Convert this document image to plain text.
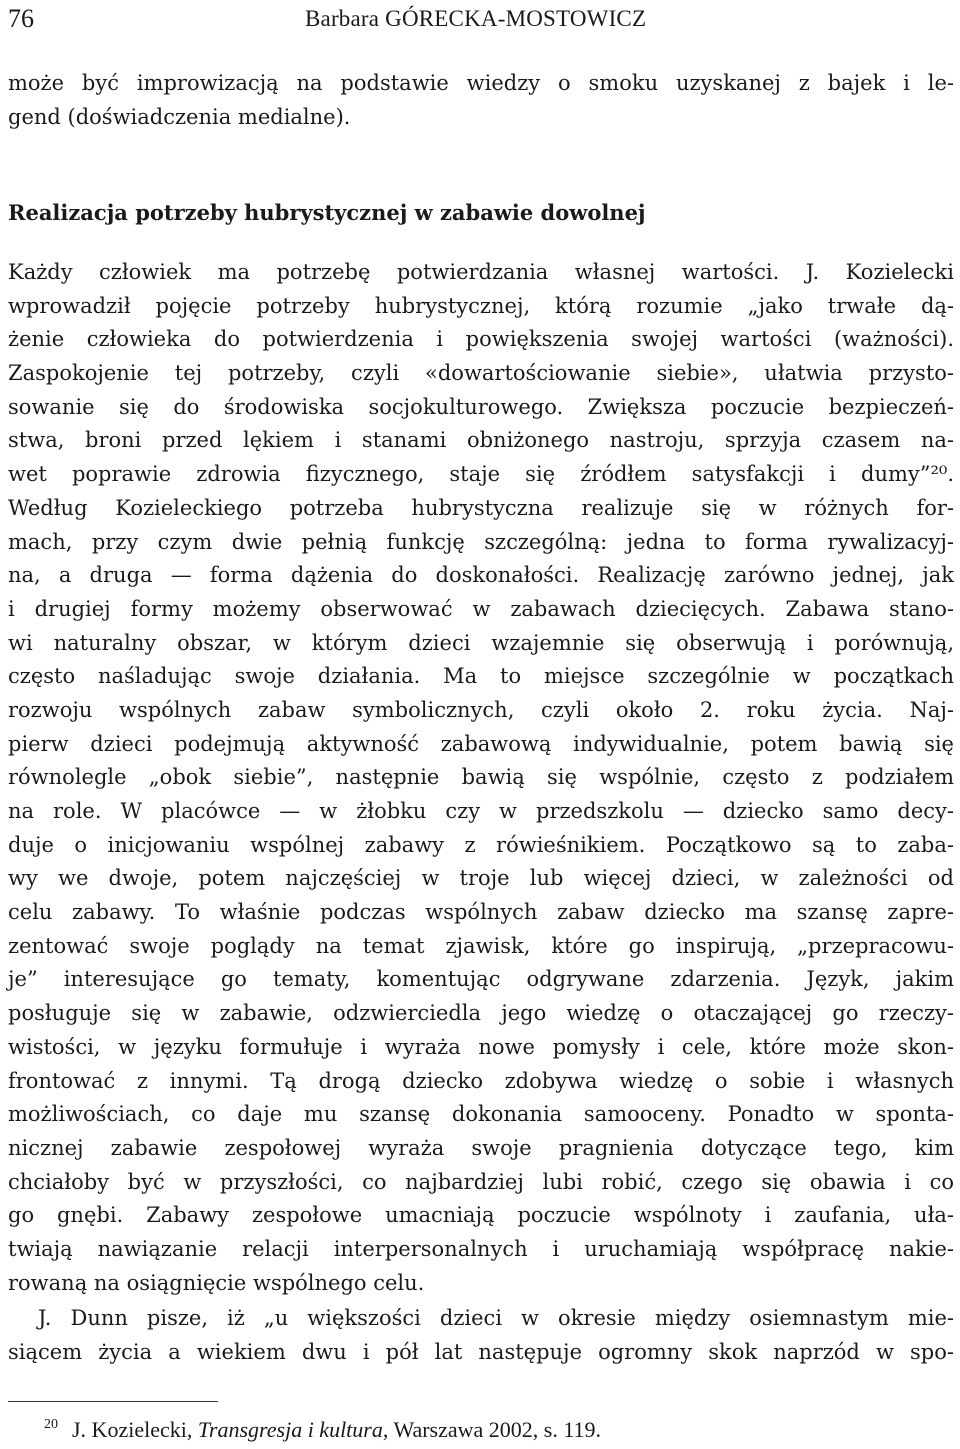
76	Barbara GÓRECKA-MOSTOWICZ
może być improwizacją na podstawie wiedzy o smoku uzyskanej z bajek i le-
gend (doświadczenia medialne).
Realizacja potrzeby hubrystycznej w zabawie dowolnej
Każdy człowiek ma potrzebę potwierdzania własnej wartości. J. Kozielecki
wprowadził pojęcie potrzeby hubrystycznej, którą rozumie „jako trwałe dą-
żenie człowieka do potwierdzenia i powiększenia swojej wartości (ważności).
Zaspokojenie tej potrzeby, czyli «dowartościowanie siebie», ułatwia przysto-
sowanie się do środowiska socjokulturowego. Zwiększa poczucie bezpieczeń-
stwa, broni przed lękiem i stanami obniżonego nastroju, sprzyja czasem na-
wet poprawie zdrowia fizycznego, staje się źródłem satysfakcji i dumy”²⁰.
Według Kozieleckiego potrzeba hubrystyczna realizuje się w różnych for-
mach, przy czym dwie pełnią funkcję szczególną: jedna to forma rywalizacyj-
na, a druga — forma dążenia do doskonałości. Realizację zarówno jednej, jak
i drugiej formy możemy obserwować w zabawach dziecięcych. Zabawa stano-
wi naturalny obszar, w którym dzieci wzajemnie się obserwują i porównują,
często naśladując swoje działania. Ma to miejsce szczególnie w początkach
rozwoju wspólnych zabaw symbolicznych, czyli około 2. roku życia. Naj-
pierw dzieci podejmują aktywność zabawową indywidualnie, potem bawią się
równolegle „obok siebie”, następnie bawią się wspólnie, często z podziałem
na role. W placówce — w żłobku czy w przedszkolu — dziecko samo decy-
duje o inicjowaniu wspólnej zabawy z rówieśnikiem. Początkowo są to zaba-
wy we dwoje, potem najczęściej w troje lub więcej dzieci, w zależności od
celu zabawy. To właśnie podczas wspólnych zabaw dziecko ma szansę zapre-
zentować swoje poglądy na temat zjawisk, które go inspirują, „przepracowu-
je” interesujące go tematy, komentując odgrywane zdarzenia. Język, jakim
posługuje się w zabawie, odzwierciedla jego wiedzę o otaczającej go rzeczy-
wistości, w języku formułuje i wyraża nowe pomysły i cele, które może skon-
frontować z innymi. Tą drogą dziecko zdobywa wiedzę o sobie i własnych
możliwościach, co daje mu szansę dokonania samooceny. Ponadto w sponta-
nicznej zabawie zespołowej wyraża swoje pragnienia dotyczące tego, kim
chciałoby być w przyszłości, co najbardziej lubi robić, czego się obawia i co
go gnębi. Zabawy zespołowe umacniają poczucie wspólnoty i zaufania, uła-
twiają nawiązanie relacji interpersonalnych i uruchamiają współpracę nakie-
rowaną na osiągnięcie wspólnego celu.
J. Dunn pisze, iż „u większości dzieci w okresie między osiemnastym mie-
siącem życia a wiekiem dwu i pół lat następuje ogromny skok naprzód w spo-
$^{20}$ J. Kozielecki, Transgresja i kultura, Warszawa 2002, s. 119.
